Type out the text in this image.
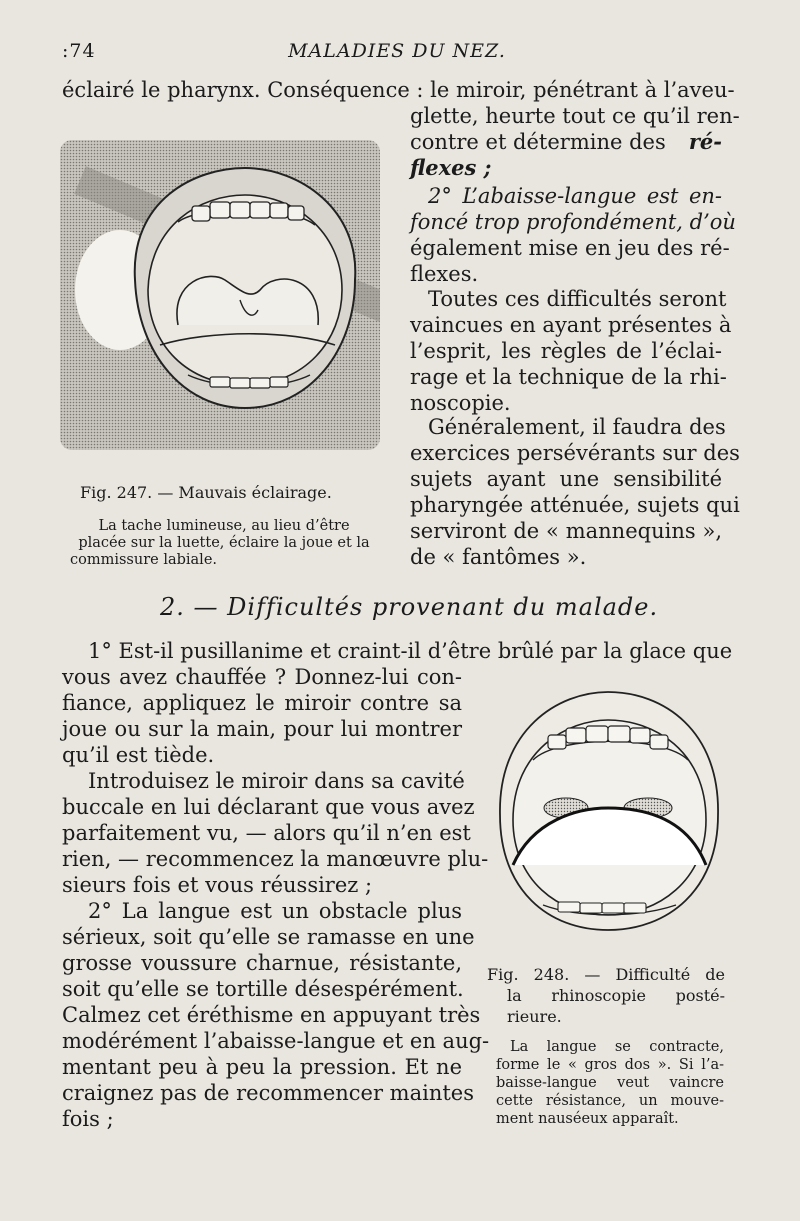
:74	MALADIES DU NEZ.
éclairé le pharynx. Conséquence : le miroir, pénétrant à l’aveu-
glette, heurte tout ce qu’il ren-
contre et détermine des ré-
flexes ;
2° L’abaisse-langue est en-
foncé trop profondément, d’où
également mise en jeu des ré-
flexes.
Toutes ces difficultés seront
vaincues en ayant présentes à
l’esprit, les règles de l’éclai-
rage et la technique de la rhi-
noscopie.
Généralement, il faudra des
exercices persévérants sur des
sujets ayant une sensibilité
pharyngée atténuée, sujets qui
serviront de « mannequins »,
de « fantômes ».
Fig. 247. — Mauvais éclairage.
La tache lumineuse, au lieu d’être
placée sur la luette, éclaire la joue et la
commissure labiale.
2. — Difficultés provenant du malade.
1° Est-il pusillanime et craint-il d’être brûlé par la glace que
vous avez chauffée ? Donnez-lui con-
fiance, appliquez le miroir contre sa
joue ou sur la main, pour lui montrer
qu’il est tiède.
Introduisez le miroir dans sa cavité
buccale en lui déclarant que vous avez
parfaitement vu, — alors qu’il n’en est
rien, — recommencez la manœuvre plu-
sieurs fois et vous réussirez ;
2° La langue est un obstacle plus
sérieux, soit qu’elle se ramasse en une
grosse voussure charnue, résistante,
soit qu’elle se tortille désespérément.
Calmez cet éréthisme en appuyant très
modérément l’abaisse-langue et en aug-
mentant peu à peu la pression. Et ne
craignez pas de recommencer maintes
fois ;
Fig. 248. — Difficulté de
la rhinoscopie posté-
rieure.
La langue se contracte,
forme le « gros dos ». Si l’a-
baisse-langue veut vaincre
cette résistance, un mouve-
ment nauséeux apparaît.
